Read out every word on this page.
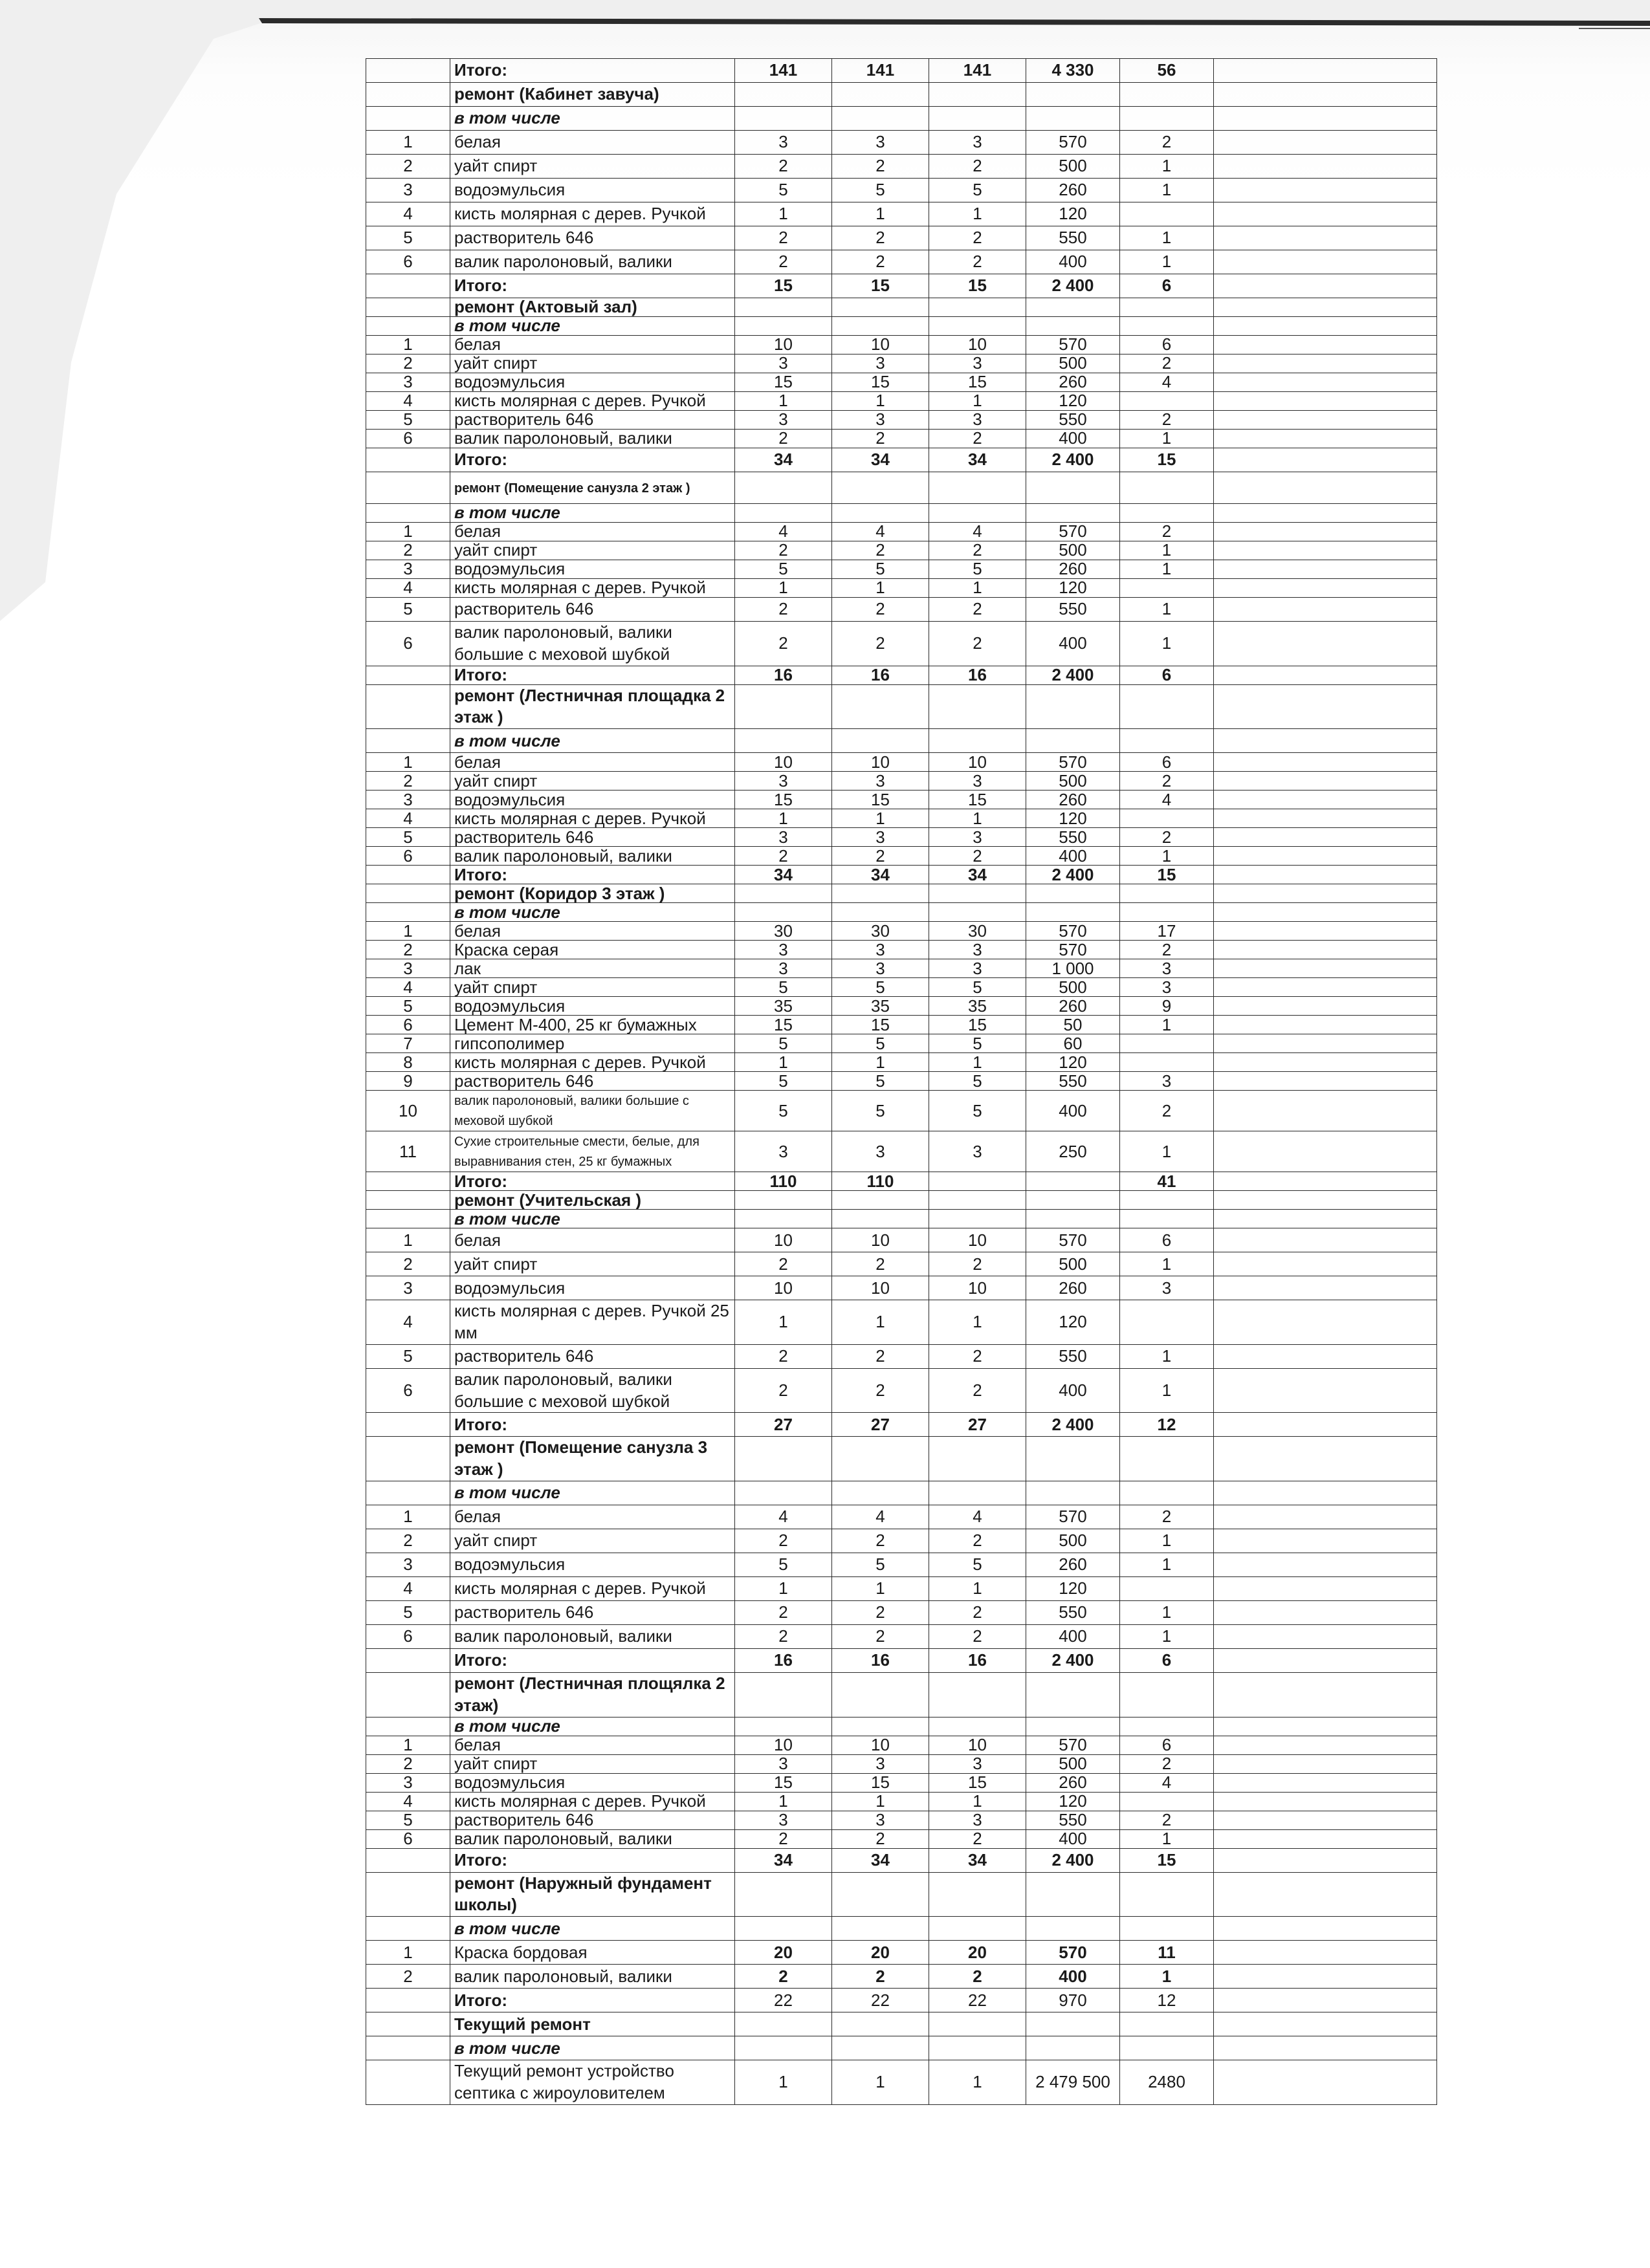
	Итого:	141	141	141	4 330	56	
	ремонт (Кабинет завуча)						
	в том числе						
1	белая	3	3	3	570	2	
2	уайт спирт	2	2	2	500	1	
3	водоэмульсия	5	5	5	260	1	
4	кисть молярная с дерев. Ручкой	1	1	1	120		
5	растворитель 646	2	2	2	550	1	
6	валик паролоновый, валики	2	2	2	400	1	
	Итого:	15	15	15	2 400	6	
	ремонт (Актовый зал)						
	в том числе						
1	белая	10	10	10	570	6	
2	уайт спирт	3	3	3	500	2	
3	водоэмульсия	15	15	15	260	4	
4	кисть молярная с дерев. Ручкой	1	1	1	120		
5	растворитель 646	3	3	3	550	2	
6	валик паролоновый, валики	2	2	2	400	1	
	Итого:	34	34	34	2 400	15	
	ремонт (Помещение санузла 2 этаж )						
	в том числе						
1	белая	4	4	4	570	2	
2	уайт спирт	2	2	2	500	1	
3	водоэмульсия	5	5	5	260	1	
4	кисть молярная с дерев. Ручкой	1	1	1	120		
5	растворитель 646	2	2	2	550	1	
6	валик паролоновый, валики большие с меховой шубкой	2	2	2	400	1	
	Итого:	16	16	16	2 400	6	
	ремонт (Лестничная площадка 2 этаж )						
	в том числе						
1	белая	10	10	10	570	6	
2	уайт спирт	3	3	3	500	2	
3	водоэмульсия	15	15	15	260	4	
4	кисть молярная с дерев. Ручкой	1	1	1	120		
5	растворитель 646	3	3	3	550	2	
6	валик паролоновый, валики	2	2	2	400	1	
	Итого:	34	34	34	2 400	15	
	ремонт (Коридор 3 этаж )						
	в том числе						
1	белая	30	30	30	570	17	
2	Краска серая	3	3	3	570	2	
3	лак	3	3	3	1 000	3	
4	уайт спирт	5	5	5	500	3	
5	водоэмульсия	35	35	35	260	9	
6	Цемент М-400, 25 кг бумажных	15	15	15	50	1	
7	гипсополимер	5	5	5	60		
8	кисть молярная с дерев. Ручкой	1	1	1	120		
9	растворитель 646	5	5	5	550	3	
10	валик паролоновый, валики большие с меховой шубкой	5	5	5	400	2	
11	Сухие строительные смести, белые, для выравнивания стен, 25 кг бумажных	3	3	3	250	1	
	Итого:	110	110			41	
	ремонт (Учительская )						
	в том числе						
1	белая	10	10	10	570	6	
2	уайт спирт	2	2	2	500	1	
3	водоэмульсия	10	10	10	260	3	
4	кисть молярная с дерев. Ручкой 25 мм	1	1	1	120		
5	растворитель 646	2	2	2	550	1	
6	валик паролоновый, валики большие с меховой шубкой	2	2	2	400	1	
	Итого:	27	27	27	2 400	12	
	ремонт (Помещение санузла 3 этаж )						
	в том числе						
1	белая	4	4	4	570	2	
2	уайт спирт	2	2	2	500	1	
3	водоэмульсия	5	5	5	260	1	
4	кисть молярная с дерев. Ручкой	1	1	1	120		
5	растворитель 646	2	2	2	550	1	
6	валик паролоновый, валики	2	2	2	400	1	
	Итого:	16	16	16	2 400	6	
	ремонт (Лестничная площялка 2 этаж)						
	в том числе						
1	белая	10	10	10	570	6	
2	уайт спирт	3	3	3	500	2	
3	водоэмульсия	15	15	15	260	4	
4	кисть молярная с дерев. Ручкой	1	1	1	120		
5	растворитель 646	3	3	3	550	2	
6	валик паролоновый, валики	2	2	2	400	1	
	Итого:	34	34	34	2 400	15	
	ремонт (Наружный фундамент школы)						
	в том числе						
1	Краска бордовая	20	20	20	570	11	
2	валик паролоновый, валики	2	2	2	400	1	
	Итого:	22	22	22	970	12	
	Текущий ремонт						
	в том числе						
	Текущий ремонт устройство септика с жироуловителем	1	1	1	2 479 500	2480	
